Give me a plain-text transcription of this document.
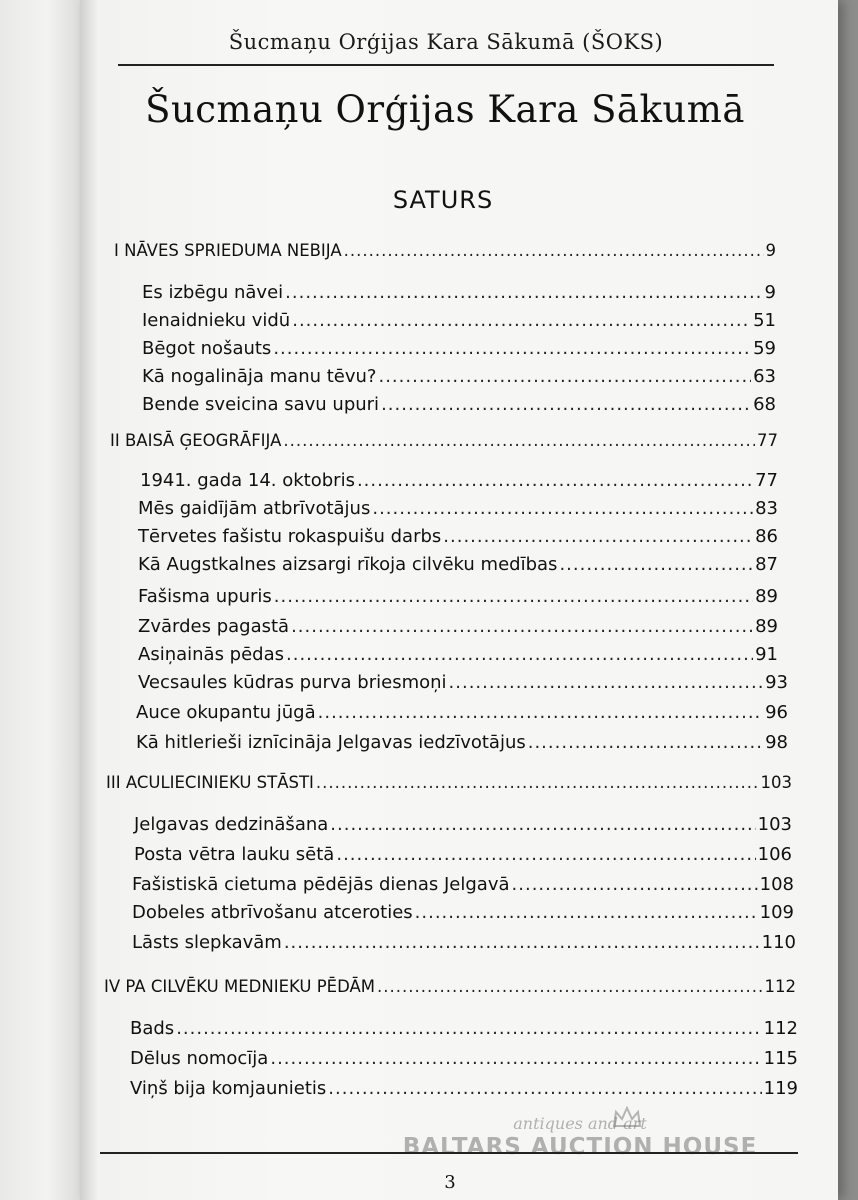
Šucmaņu Orģijas Kara Sākumā (ŠOKS)
Šucmaņu Orģijas Kara Sākumā
SATURS
I NĀVES SPRIEDUMA NEBIJA .....	9
Es izbēgu nāvei .....	9
Ienaidnieku vidū .....	51
Bēgot nošauts .....	59
Kā nogalināja manu tēvu? .....	63
Bende sveicina savu upuri .....	68
II BAISĀ ĢEOGRĀFIJA .....	77
1941. gada 14. oktobris .....	77
Mēs gaidījām atbrīvotājus .....	83
Tērvetes fašistu rokaspuišu darbs .....	86
Kā Augstkalnes aizsargi rīkoja cilvēku medības .....	87
Fašisma upuris .....	89
Zvārdes pagastā .....	89
Asiņainās pēdas .....	91
Vecsaules kūdras purva briesmoņi .....	93
Auce okupantu jūgā .....	96
Kā hitlerieši iznīcināja Jelgavas iedzīvotājus .....	98
III ACULIECINIEKU STĀSTI .....	103
Jelgavas dedzināšana .....	103
Posta vētra lauku sētā .....	106
Fašistiskā cietuma pēdējās dienas Jelgavā .....	108
Dobeles atbrīvošanu atceroties .....	109
Lāsts slepkavām .....	110
IV PA CILVĒKU MEDNIEKU PĒDĀM .....	112
Bads .....	112
Dēlus nomocīja .....	115
Viņš bija komjaunietis .....	119
antiques and art
BALTARS AUCTION HOUSE
3
